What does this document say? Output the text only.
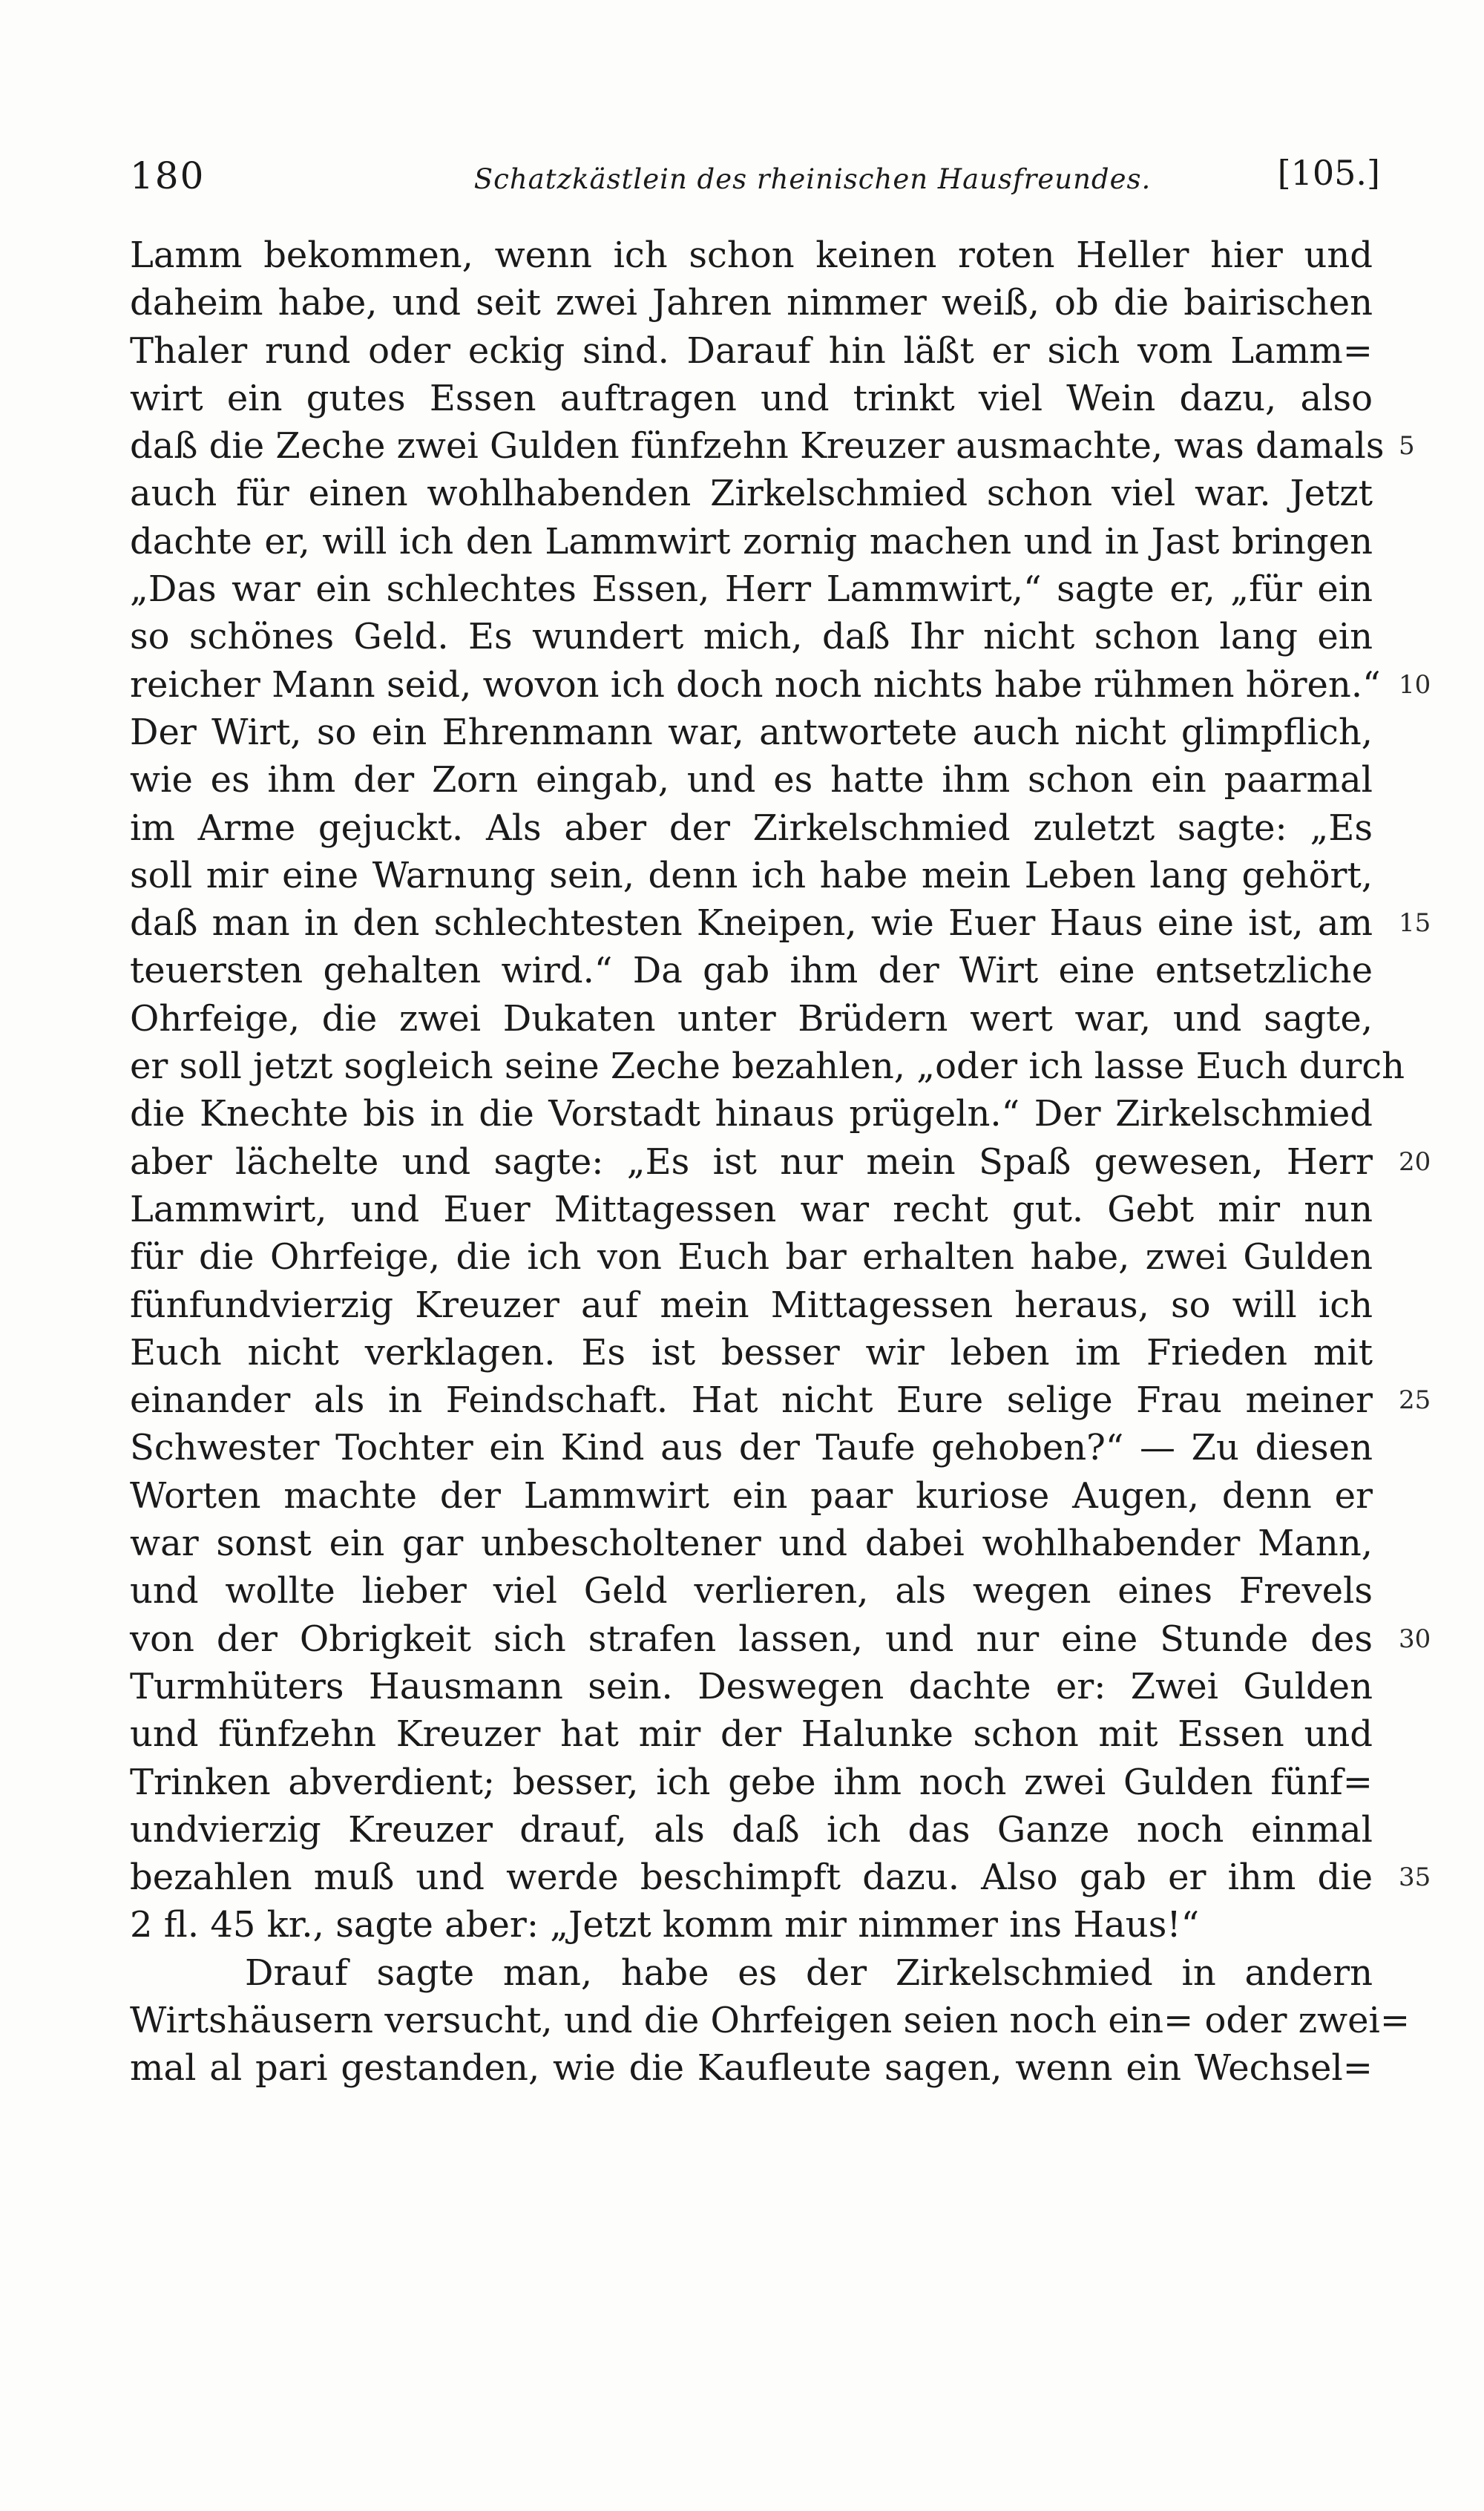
180	Schatzkästlein des rheinischen Hausfreundes.	[105.]
Lamm bekommen, wenn ich schon keinen roten Heller hier und
daheim habe, und seit zwei Jahren nimmer weiß, ob die bairischen
Thaler rund oder eckig sind. Darauf hin läßt er sich vom Lamm=
wirt ein gutes Essen auftragen und trinkt viel Wein dazu, also
daß die Zeche zwei Gulden fünfzehn Kreuzer ausmachte, was damals 5
auch für einen wohlhabenden Zirkelschmied schon viel war. Jetzt
dachte er, will ich den Lammwirt zornig machen und in Jast bringen
„Das war ein schlechtes Essen, Herr Lammwirt,“ sagte er, „für ein
so schönes Geld. Es wundert mich, daß Ihr nicht schon lang ein
reicher Mann seid, wovon ich doch noch nichts habe rühmen hören.“ 10
Der Wirt, so ein Ehrenmann war, antwortete auch nicht glimpflich,
wie es ihm der Zorn eingab, und es hatte ihm schon ein paarmal
im Arme gejuckt. Als aber der Zirkelschmied zuletzt sagte: „Es
soll mir eine Warnung sein, denn ich habe mein Leben lang gehört,
daß man in den schlechtesten Kneipen, wie Euer Haus eine ist, am 15
teuersten gehalten wird.“ Da gab ihm der Wirt eine entsetzliche
Ohrfeige, die zwei Dukaten unter Brüdern wert war, und sagte,
er soll jetzt sogleich seine Zeche bezahlen, „oder ich lasse Euch durch
die Knechte bis in die Vorstadt hinaus prügeln.“ Der Zirkelschmied
aber lächelte und sagte: „Es ist nur mein Spaß gewesen, Herr 20
Lammwirt, und Euer Mittagessen war recht gut. Gebt mir nun
für die Ohrfeige, die ich von Euch bar erhalten habe, zwei Gulden
fünfundvierzig Kreuzer auf mein Mittagessen heraus, so will ich
Euch nicht verklagen. Es ist besser wir leben im Frieden mit
einander als in Feindschaft. Hat nicht Eure selige Frau meiner 25
Schwester Tochter ein Kind aus der Taufe gehoben?“ — Zu diesen
Worten machte der Lammwirt ein paar kuriose Augen, denn er
war sonst ein gar unbescholtener und dabei wohlhabender Mann,
und wollte lieber viel Geld verlieren, als wegen eines Frevels
von der Obrigkeit sich strafen lassen, und nur eine Stunde des 30
Turmhüters Hausmann sein. Deswegen dachte er: Zwei Gulden
und fünfzehn Kreuzer hat mir der Halunke schon mit Essen und
Trinken abverdient; besser, ich gebe ihm noch zwei Gulden fünf=
undvierzig Kreuzer drauf, als daß ich das Ganze noch einmal
bezahlen muß und werde beschimpft dazu. Also gab er ihm die 35
2 fl. 45 kr., sagte aber: „Jetzt komm mir nimmer ins Haus!“
Drauf sagte man, habe es der Zirkelschmied in andern
Wirtshäusern versucht, und die Ohrfeigen seien noch ein= oder zwei=
mal al pari gestanden, wie die Kaufleute sagen, wenn ein Wechsel=
